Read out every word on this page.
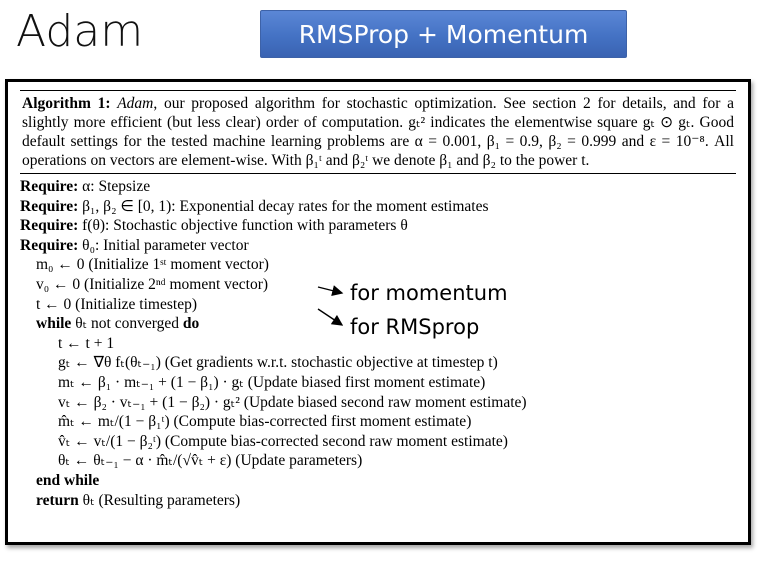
Adam	RMSProp + Momentum
Algorithm 1: Adam, our proposed algorithm for stochastic optimization. See section 2 for details, and for a slightly more efficient (but less clear) order of computation. gₜ² indicates the elementwise square gₜ ⊙ gₜ. Good default settings for the tested machine learning problems are α = 0.001, β₁ = 0.9, β₂ = 0.999 and ε = 10⁻⁸. All operations on vectors are element-wise. With β₁ᵗ and β₂ᵗ we denote β₁ and β₂ to the power t.
Require: α: Stepsize
Require: β₁, β₂ ∈ [0, 1): Exponential decay rates for the moment estimates
Require: f(θ): Stochastic objective function with parameters θ
Require: θ₀: Initial parameter vector
m₀ ← 0 (Initialize 1ˢᵗ moment vector)
v₀ ← 0 (Initialize 2ⁿᵈ moment vector)
t ← 0 (Initialize timestep)
while θₜ not converged do
t ← t + 1
gₜ ← ∇θ fₜ(θₜ₋₁) (Get gradients w.r.t. stochastic objective at timestep t)
mₜ ← β₁ · mₜ₋₁ + (1 − β₁) · gₜ (Update biased first moment estimate)
vₜ ← β₂ · vₜ₋₁ + (1 − β₂) · gₜ² (Update biased second raw moment estimate)
m̂ₜ ← mₜ/(1 − β₁ᵗ) (Compute bias-corrected first moment estimate)
v̂ₜ ← vₜ/(1 − β₂ᵗ) (Compute bias-corrected second raw moment estimate)
θₜ ← θₜ₋₁ − α · m̂ₜ/(√v̂ₜ + ε) (Update parameters)
end while
return θₜ (Resulting parameters)
for momentum
for RMSprop
